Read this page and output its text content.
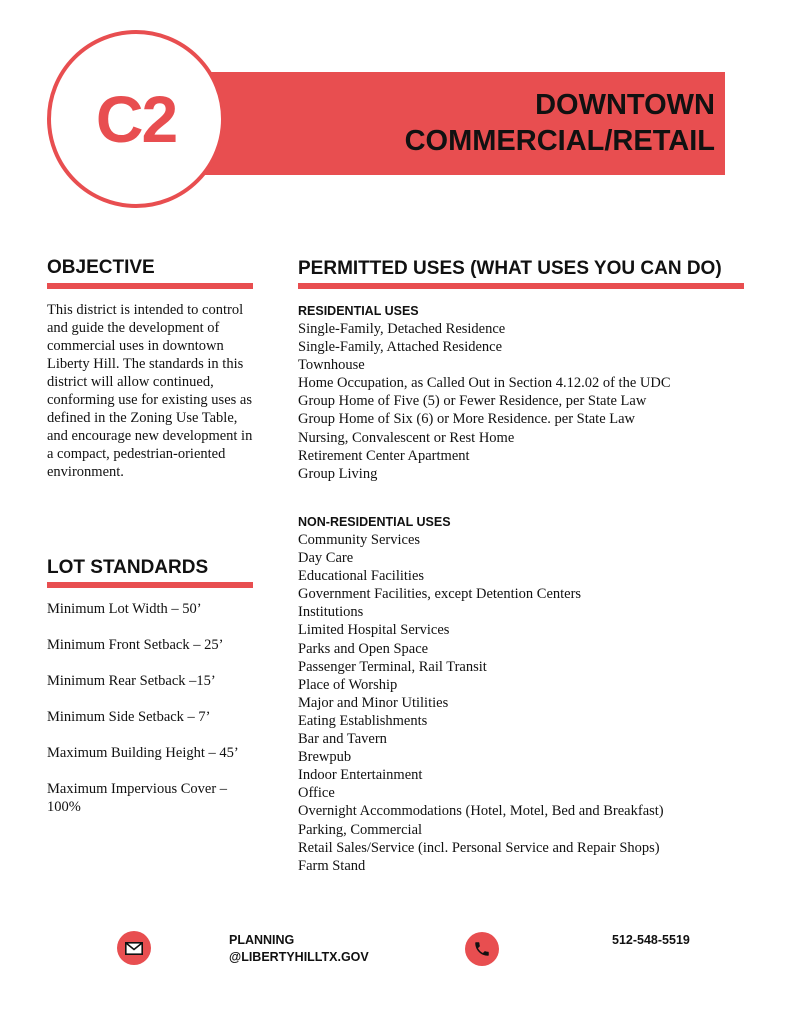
DOWNTOWN
COMMERCIAL/RETAIL
C2
OBJECTIVE
This district is intended to control and guide the development of commercial uses in downtown Liberty Hill. The standards in this district will allow continued, conforming use for existing uses as defined in the Zoning Use Table, and encourage new development in a compact, pedestrian-oriented environment.
LOT STANDARDS
Minimum Lot Width – 50’
Minimum Front Setback – 25’
Minimum Rear Setback –15’
Minimum Side Setback – 7’
Maximum Building Height – 45’
Maximum Impervious Cover – 100%
PERMITTED USES (WHAT USES YOU CAN DO)
RESIDENTIAL USES
Single-Family, Detached Residence
Single-Family, Attached Residence
Townhouse
Home Occupation, as Called Out in Section 4.12.02 of the UDC
Group Home of Five (5) or Fewer Residence, per State Law
Group Home of Six (6) or More Residence. per State Law
Nursing, Convalescent or Rest Home
Retirement Center Apartment
Group Living
NON-RESIDENTIAL USES
Community Services
Day Care
Educational Facilities
Government Facilities, except Detention Centers
Institutions
Limited Hospital Services
Parks and Open Space
Passenger Terminal, Rail Transit
Place of Worship
Major and Minor Utilities
Eating Establishments
Bar and Tavern
Brewpub
Indoor Entertainment
Office
Overnight Accommodations (Hotel, Motel, Bed and Breakfast)
Parking, Commercial
Retail Sales/Service (incl. Personal Service and Repair Shops)
Farm Stand
PLANNING
@LIBERTYHILLTX.GOV
512-548-5519
